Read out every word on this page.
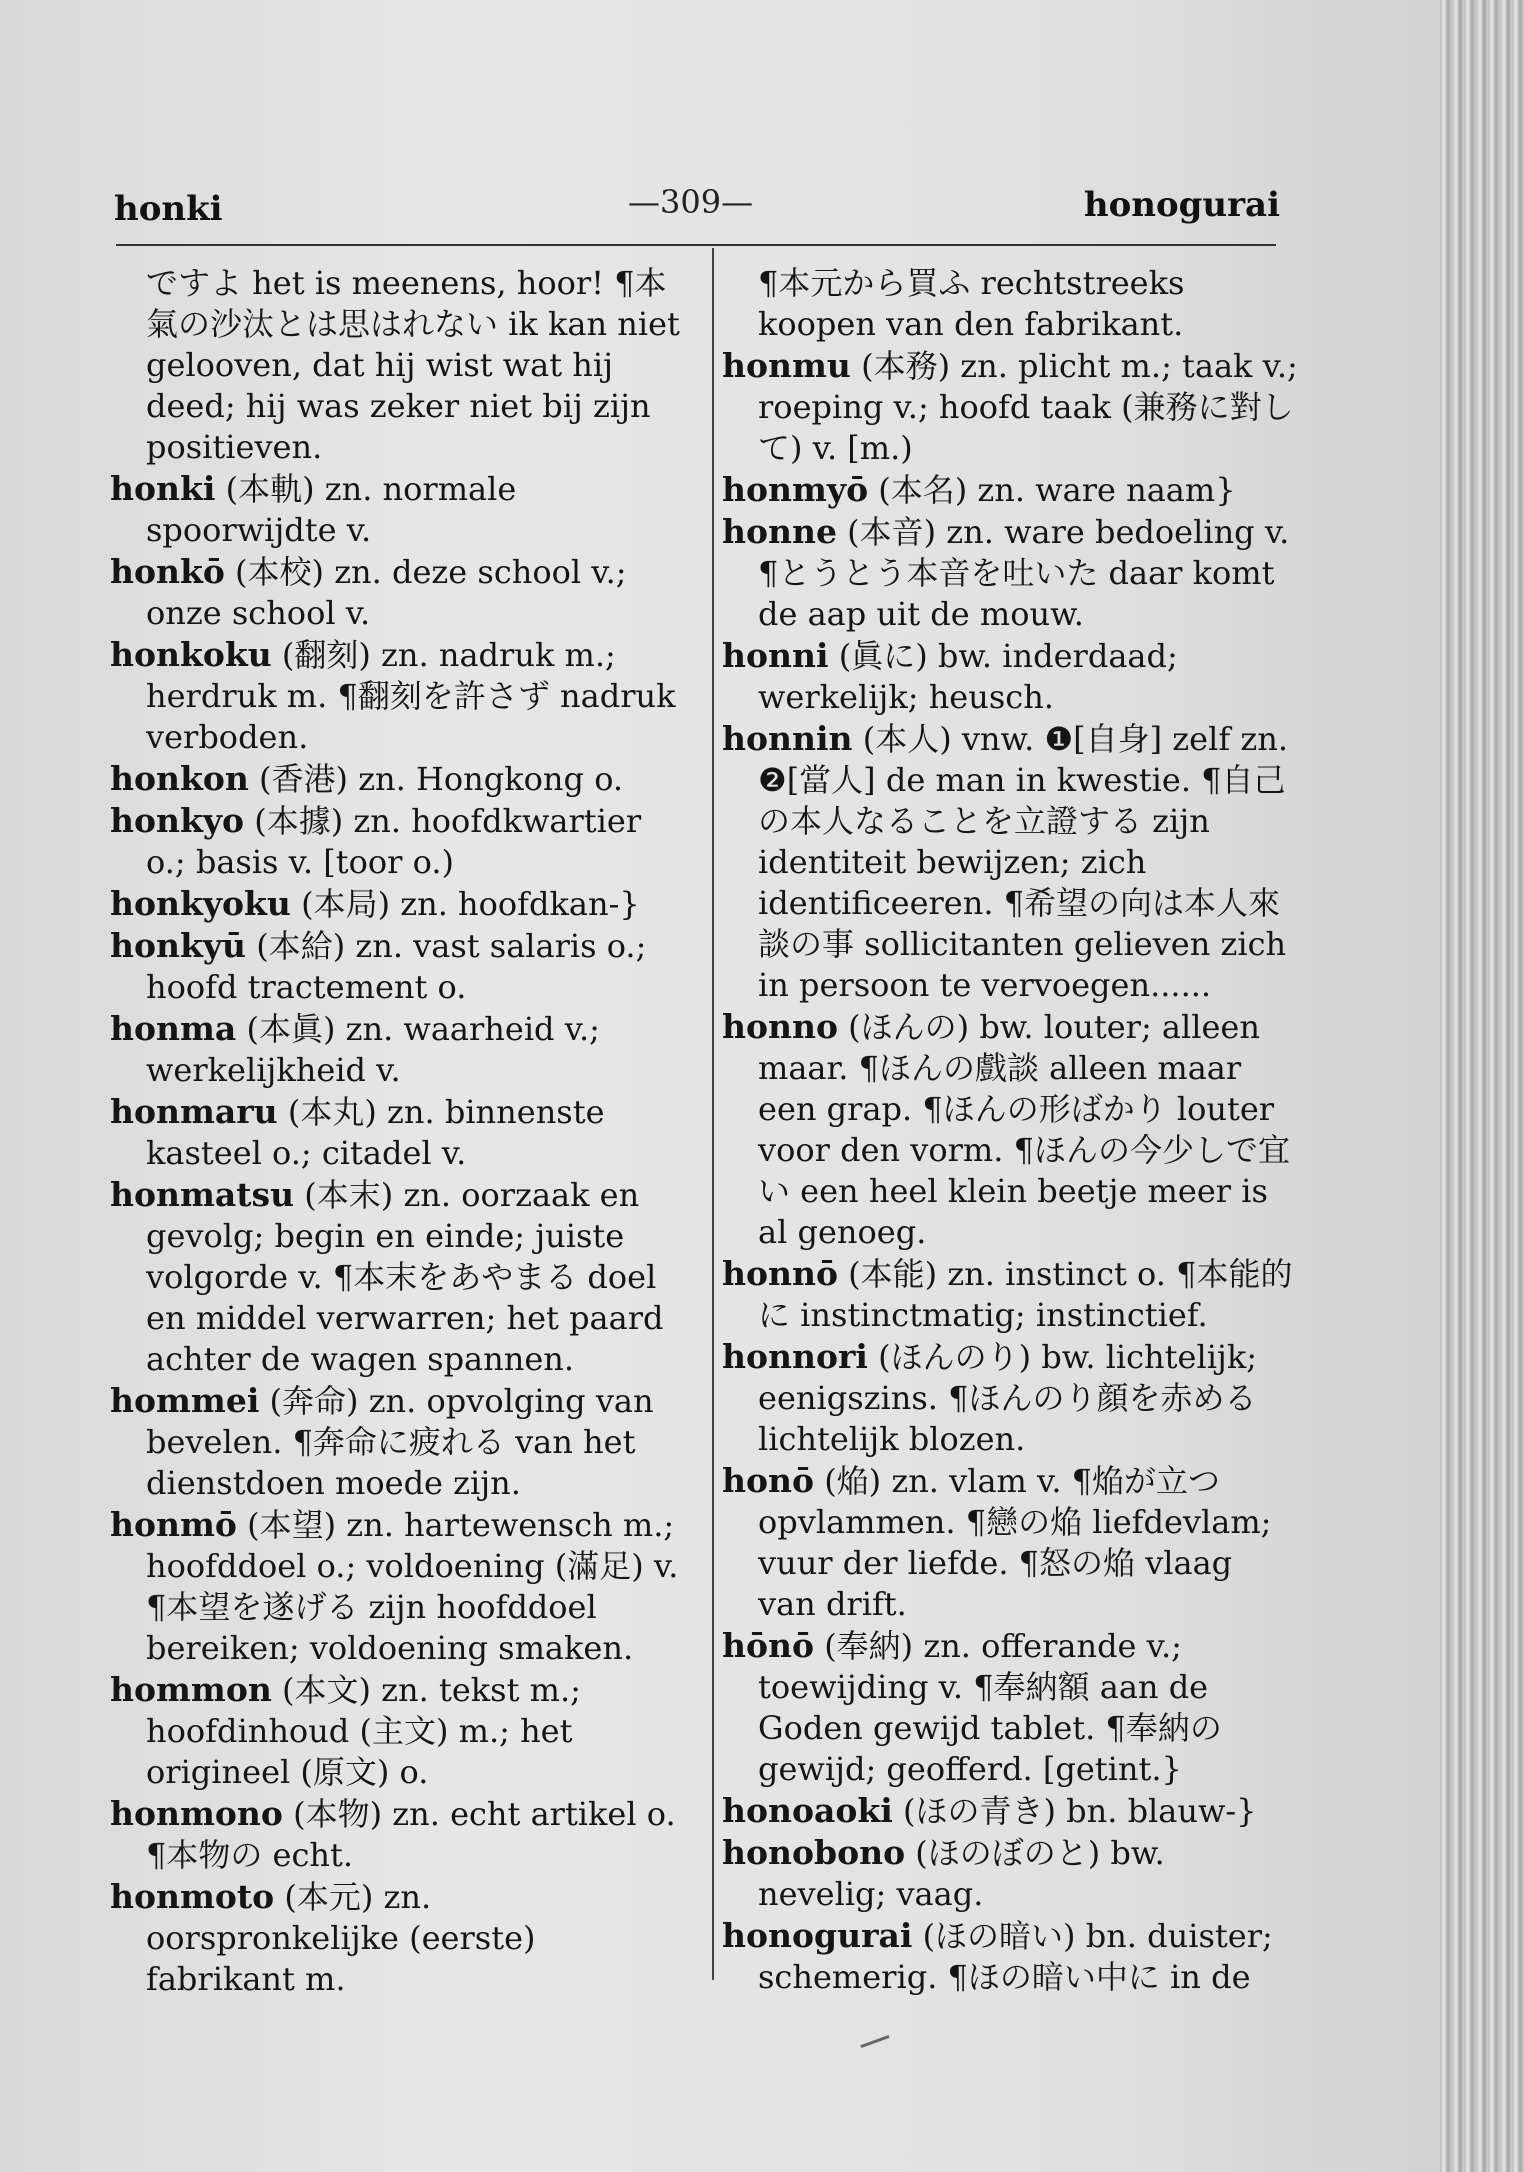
honki	—309—	honogurai

ですよ het is meenens, hoor! ¶本氣の沙汰とは思はれない ik kan niet gelooven, dat hij wist wat hij deed; hij was zeker niet bij zijn positieven.

honki (本軌) zn. normale spoorwijdte v.

honkō (本校) zn. deze school v.; onze school v.

honkoku (翻刻) zn. nadruk m.; herdruk m. ¶翻刻を許さず nadruk verboden.

honkon (香港) zn. Hongkong o.

honkyo (本據) zn. hoofdkwartier o.; basis v. [toor o.)

honkyoku (本局) zn. hoofdkan-}

honkyū (本給) zn. vast salaris o.; hoofd tractement o.

honma (本眞) zn. waarheid v.; werkelijkheid v.

honmaru (本丸) zn. binnenste kasteel o.; citadel v.

honmatsu (本末) zn. oorzaak en gevolg; begin en einde; juiste volgorde v. ¶本末をあやまる doel en middel verwarren; het paard achter de wagen spannen.

hommei (奔命) zn. opvolging van bevelen. ¶奔命に疲れる van het dienstdoen moede zijn.

honmō (本望) zn. hartewensch m.; hoofddoel o.; voldoening (滿足) v. ¶本望を遂げる zijn hoofddoel bereiken; voldoening smaken.

hommon (本文) zn. tekst m.; hoofdinhoud (主文) m.; het origineel (原文) o.

honmono (本物) zn. echt artikel o. ¶本物の echt.

honmoto (本元) zn. oorspronkelijke (eerste) fabrikant m.

¶本元から買ふ rechtstreeks koopen van den fabrikant.

honmu (本務) zn. plicht m.; taak v.; roeping v.; hoofd taak (兼務に對して) v. [m.)

honmyō (本名) zn. ware naam}

honne (本音) zn. ware bedoeling v. ¶とうとう本音を吐いた daar komt de aap uit de mouw.

honni (眞に) bw. inderdaad; werkelijk; heusch.

honnin (本人) vnw. ❶[自身] zelf zn. ❷[當人] de man in kwestie. ¶自己の本人なることを立證する zijn identiteit bewijzen; zich identificeeren. ¶希望の向は本人來談の事 sollicitanten gelieven zich in persoon te vervoegen......

honno (ほんの) bw. louter; alleen maar. ¶ほんの戲談 alleen maar een grap. ¶ほんの形ばかり louter voor den vorm. ¶ほんの今少しで宜い een heel klein beetje meer is al genoeg.

honnō (本能) zn. instinct o. ¶本能的に instinctmatig; instinctief.

honnori (ほんのり) bw. lichtelijk; eenigszins. ¶ほんのり顔を赤める lichtelijk blozen.

honō (焔) zn. vlam v. ¶焔が立つ opvlammen. ¶戀の焔 liefdevlam; vuur der liefde. ¶怒の焔 vlaag van drift.

hōnō (奉納) zn. offerande v.; toewijding v. ¶奉納額 aan de Goden gewijd tablet. ¶奉納の gewijd; geofferd. [getint.}

honoaoki (ほの青き) bn. blauw-}

honobono (ほのぼのと) bw. nevelig; vaag.

honogurai (ほの暗い) bn. duister; schemerig. ¶ほの暗い中に in de
